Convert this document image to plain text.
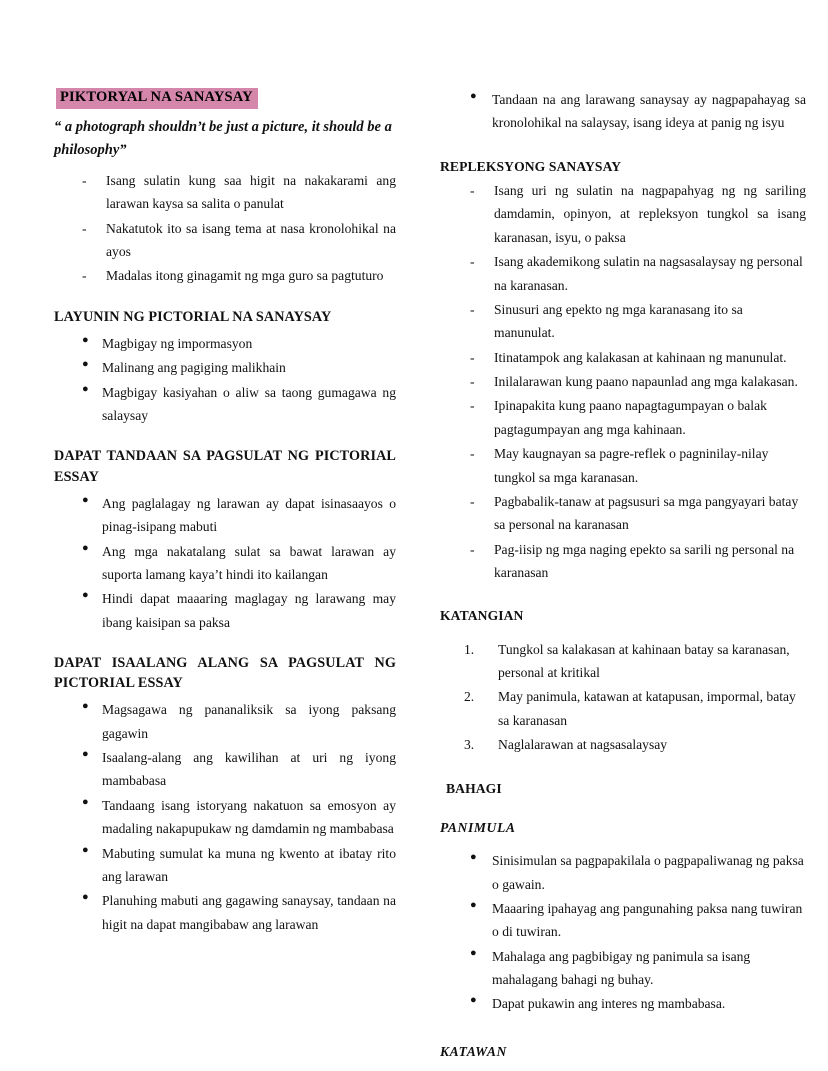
PIKTORYAL NA SANAYSAY

“ a photograph shouldn’t be just a picture, it should be a philosophy”

- Isang sulatin kung saa higit na nakakarami ang larawan kaysa sa salita o panulat
- Nakatutok ito sa isang tema at nasa kronolohikal na ayos
- Madalas itong ginagamit ng mga guro sa pagtuturo
LAYUNIN NG PICTORIAL NA SANAYSAY
● Magbigay ng impormasyon
● Malinang ang pagiging malikhain
● Magbigay kasiyahan o aliw sa taong gumagawa ng salaysay
DAPAT TANDAAN SA PAGSULAT NG PICTORIAL ESSAY
● Ang paglalagay ng larawan ay dapat isinasaayos o pinag-isipang mabuti
● Ang mga nakatalang sulat sa bawat larawan ay suporta lamang kaya’t hindi ito kailangan
● Hindi dapat maaaring maglagay ng larawang may ibang kaisipan sa paksa
DAPAT ISAALANG ALANG SA PAGSULAT NG PICTORIAL ESSAY
● Magsagawa ng pananaliksik sa iyong paksang gagawin
● Isaalang-alang ang kawilihan at uri ng iyong mambabasa
● Tandaang isang istoryang nakatuon sa emosyon ay madaling nakapupukaw ng damdamin ng mambabasa
● Mabuting sumulat ka muna ng kwento at ibatay rito ang larawan
● Planuhing mabuti ang gagawing sanaysay, tandaan na higit na dapat mangibabaw ang larawan
● Tandaan na ang larawang sanaysay ay nagpapahayag sa kronolohikal na salaysay, isang ideya at panig ng isyu
REPLEKSYONG SANAYSAY
- Isang uri ng sulatin na nagpapahyag ng ng sariling damdamin, opinyon, at repleksyon tungkol sa isang karanasan, isyu, o paksa
- Isang akademikong sulatin na nagsasalaysay ng personal na karanasan.
- Sinusuri ang epekto ng mga karanasang ito sa manunulat.
- Itinatampok ang kalakasan at kahinaan ng manunulat.
- Inilalarawan kung paano napaunlad ang mga kalakasan.
- Ipinapakita kung paano napagtagumpayan o balak pagtagumpayan ang mga kahinaan.
- May kaugnayan sa pagre-reflek o pagninilay-nilay tungkol sa mga karanasan.
- Pagbabalik-tanaw at pagsusuri sa mga pangyayari batay sa personal na karanasan
- Pag-iisip ng mga naging epekto sa sarili ng personal na karanasan
KATANGIAN
1. Tungkol sa kalakasan at kahinaan batay sa karanasan, personal at kritikal
2. May panimula, katawan at katapusan, impormal, batay sa karanasan
3. Naglalarawan at nagsasalaysay
BAHAGI
PANIMULA
● Sinisimulan sa pagpapakilala o pagpapaliwanag ng paksa o gawain.
● Maaaring ipahayag ang pangunahing paksa nang tuwiran o di tuwiran.
● Mahalaga ang pagbibigay ng panimula sa isang mahalagang bahagi ng buhay.
● Dapat pukawin ang interes ng mambabasa.
KATAWAN
